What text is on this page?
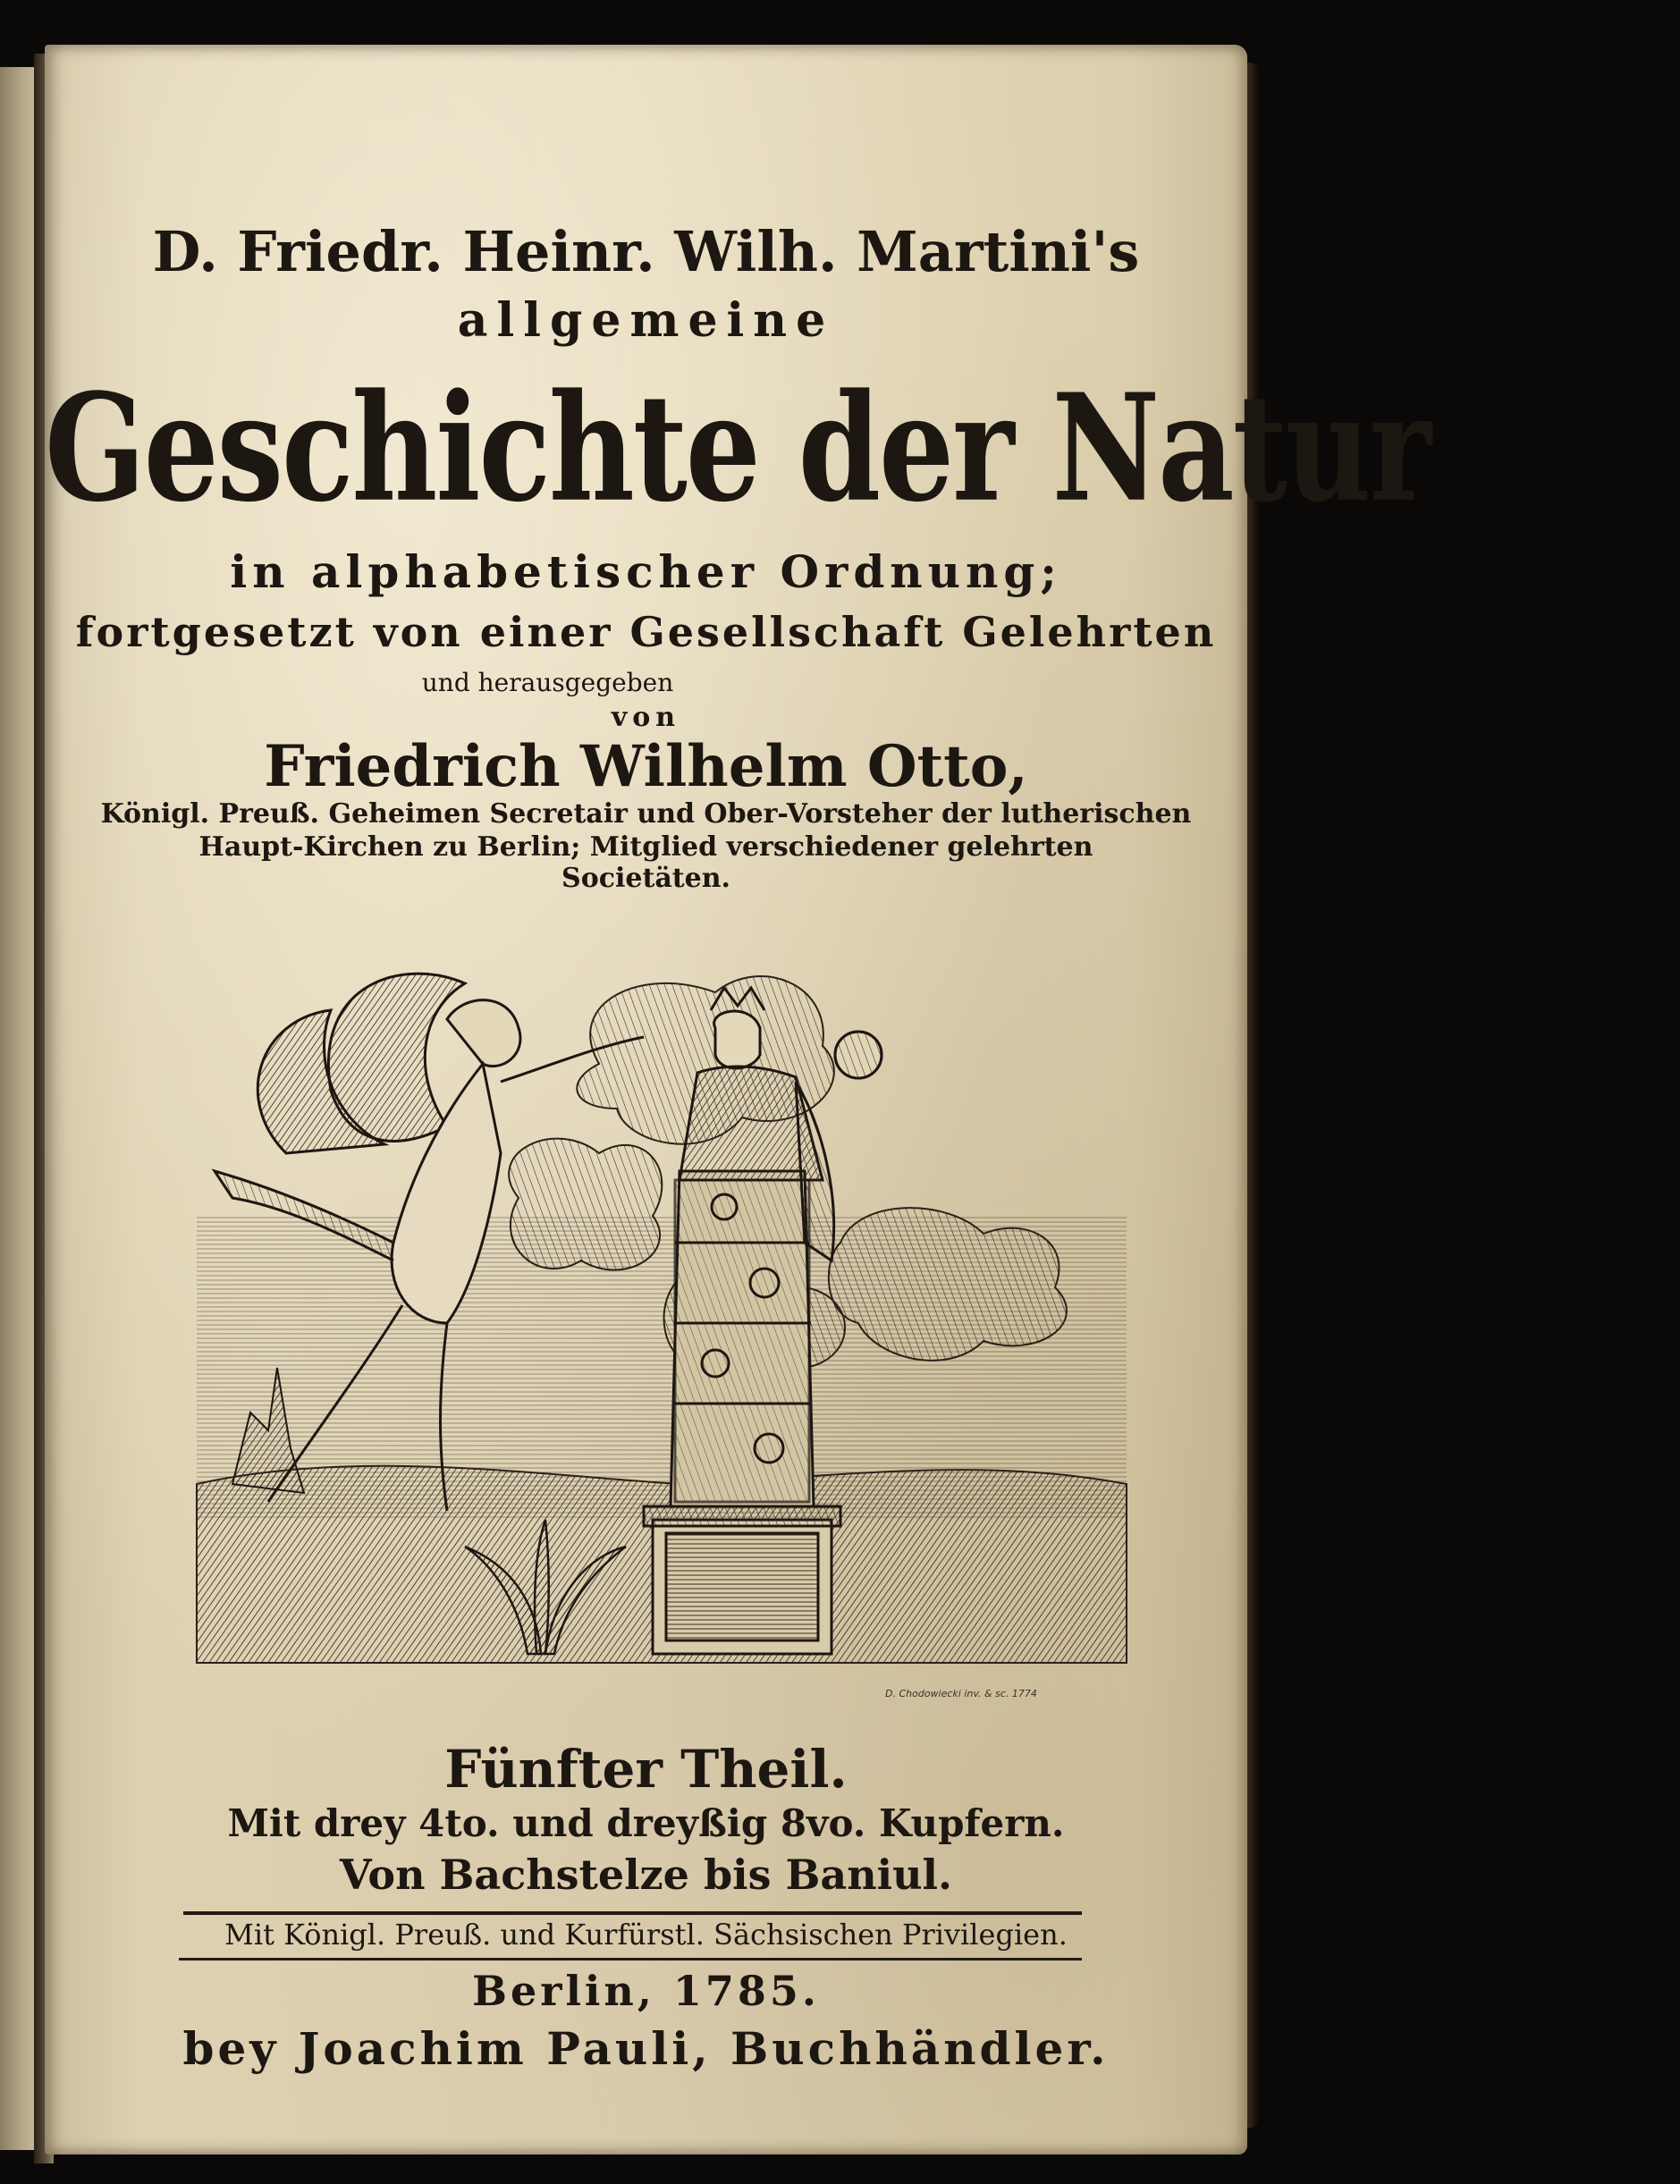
D. Friedr. Heinr. Wilh. Martini's
allgemeine
Geschichte der Natur
in alphabetischer Ordnung;
fortgesetzt von einer Gesellschaft Gelehrten
und herausgegeben
von
Friedrich Wilhelm Otto,
Königl. Preuß. Geheimen Secretair und Ober-Vorsteher der lutherischen
Haupt-Kirchen zu Berlin; Mitglied verschiedener gelehrten
Societäten.
D. Chodowiecki inv. & sc. 1774
Fünfter Theil.
Mit drey 4to. und dreyßig 8vo. Kupfern.
Von Bachstelze bis Baniul.
Mit Königl. Preuß. und Kurfürstl. Sächsischen Privilegien.
Berlin, 1785.
bey Joachim Pauli, Buchhändler.
